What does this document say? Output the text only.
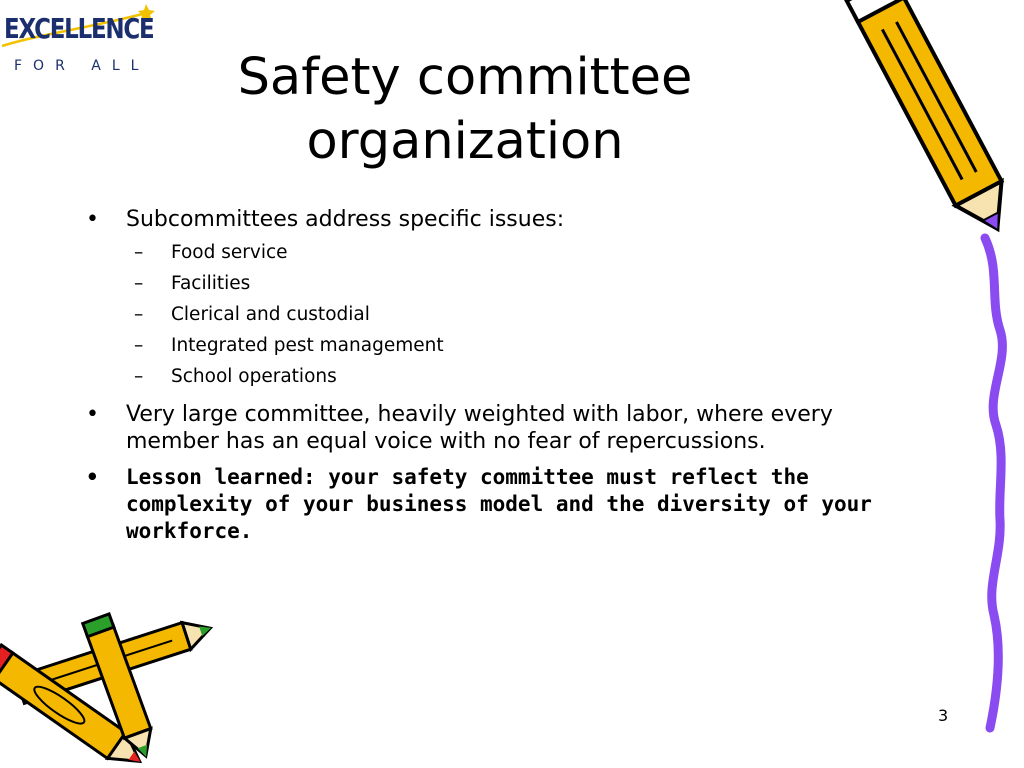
EXCELLENCE
FOR ALL	Safety committee organization
• Subcommittees address specific issues:
– Food service
– Facilities
– Clerical and custodial
– Integrated pest management
– School operations
• Very large committee, heavily weighted with labor, where every member has an equal voice with no fear of repercussions.
• Lesson learned: your safety committee must reflect the complexity of your business model and the diversity of your workforce.
3
